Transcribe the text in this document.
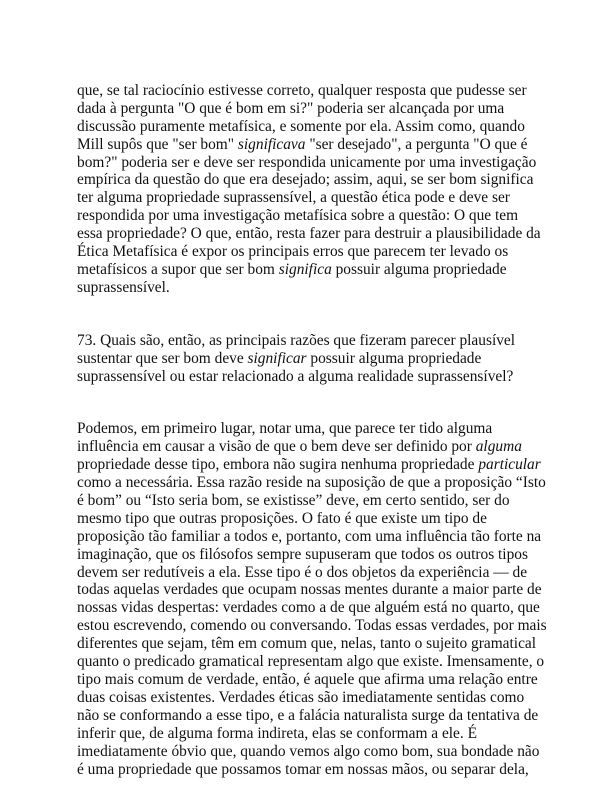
que, se tal raciocínio estivesse correto, qualquer resposta que pudesse ser
dada à pergunta "O que é bom em si?" poderia ser alcançada por uma
discussão puramente metafísica, e somente por ela. Assim como, quando
Mill supôs que "ser bom" significava "ser desejado", a pergunta "O que é
bom?" poderia ser e deve ser respondida unicamente por uma investigação
empírica da questão do que era desejado; assim, aqui, se ser bom significa
ter alguma propriedade suprassensível, a questão ética pode e deve ser
respondida por uma investigação metafísica sobre a questão: O que tem
essa propriedade? O que, então, resta fazer para destruir a plausibilidade da
Ética Metafísica é expor os principais erros que parecem ter levado os
metafísicos a supor que ser bom significa possuir alguma propriedade
suprassensível.

73. Quais são, então, as principais razões que fizeram parecer plausível
sustentar que ser bom deve significar possuir alguma propriedade
suprassensível ou estar relacionado a alguma realidade suprassensível?

Podemos, em primeiro lugar, notar uma, que parece ter tido alguma
influência em causar a visão de que o bem deve ser definido por alguma
propriedade desse tipo, embora não sugira nenhuma propriedade particular
como a necessária. Essa razão reside na suposição de que a proposição “Isto
é bom” ou “Isto seria bom, se existisse” deve, em certo sentido, ser do
mesmo tipo que outras proposições. O fato é que existe um tipo de
proposição tão familiar a todos e, portanto, com uma influência tão forte na
imaginação, que os filósofos sempre supuseram que todos os outros tipos
devem ser redutíveis a ela. Esse tipo é o dos objetos da experiência — de
todas aquelas verdades que ocupam nossas mentes durante a maior parte de
nossas vidas despertas: verdades como a de que alguém está no quarto, que
estou escrevendo, comendo ou conversando. Todas essas verdades, por mais
diferentes que sejam, têm em comum que, nelas, tanto o sujeito gramatical
quanto o predicado gramatical representam algo que existe. Imensamente, o
tipo mais comum de verdade, então, é aquele que afirma uma relação entre
duas coisas existentes. Verdades éticas são imediatamente sentidas como
não se conformando a esse tipo, e a falácia naturalista surge da tentativa de
inferir que, de alguma forma indireta, elas se conformam a ele. É
imediatamente óbvio que, quando vemos algo como bom, sua bondade não
é uma propriedade que possamos tomar em nossas mãos, ou separar dela,
